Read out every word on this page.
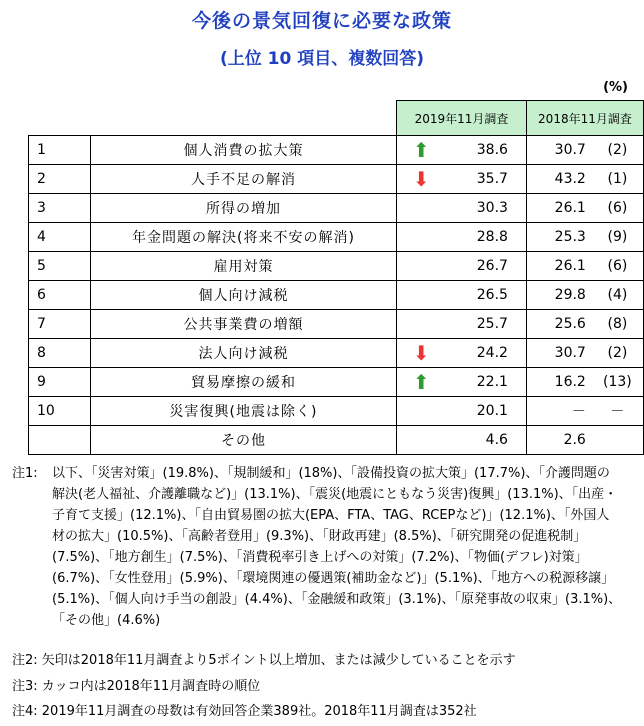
今後の景気回復に必要な政策
(上位 10 項目、複数回答)
(%)
		2019年11月調査		2018年11月調査	
1	個人消費の拡大策	⬆	38.6	30.7	(2)
2	人手不足の解消	⬇	35.7	43.2	(1)
3	所得の増加		30.3	26.1	(6)
4	年金問題の解決(将来不安の解消)		28.8	25.3	(9)
5	雇用対策		26.7	26.1	(6)
6	個人向け減税		26.5	29.8	(4)
7	公共事業費の増額		25.7	25.6	(8)
8	法人向け減税	⬇	24.2	30.7	(2)
9	貿易摩擦の緩和	⬆	22.1	16.2	(13)
10	災害復興(地震は除く)		20.1	－	－
	その他		4.6	2.6	
注1: 以下、「災害対策」(19.8%)、「規制緩和」(18%)、「設備投資の拡大策」(17.7%)、「介護問題の解決(老人福祉、介護離職など)」(13.1%)、「震災(地震にともなう災害)復興」(13.1%)、「出産・子育て支援」(12.1%)、「自由貿易圏の拡大(EPA、FTA、TAG、RCEPなど)」(12.1%)、「外国人材の拡大」(10.5%)、「高齢者登用」(9.3%)、「財政再建」(8.5%)、「研究開発の促進税制」(7.5%)、「地方創生」(7.5%)、「消費税率引き上げへの対策」(7.2%)、「物価(デフレ)対策」(6.7%)、「女性登用」(5.9%)、「環境関連の優遇策(補助金など)」(5.1%)、「地方への税源移譲」(5.1%)、「個人向け手当の創設」(4.4%)、「金融緩和政策」(3.1%)、「原発事故の収束」(3.1%)、「その他」(4.6%)
注2: 矢印は2018年11月調査より5ポイント以上増加、または減少していることを示す
注3: カッコ内は2018年11月調査時の順位
注4: 2019年11月調査の母数は有効回答企業389社。2018年11月調査は352社
